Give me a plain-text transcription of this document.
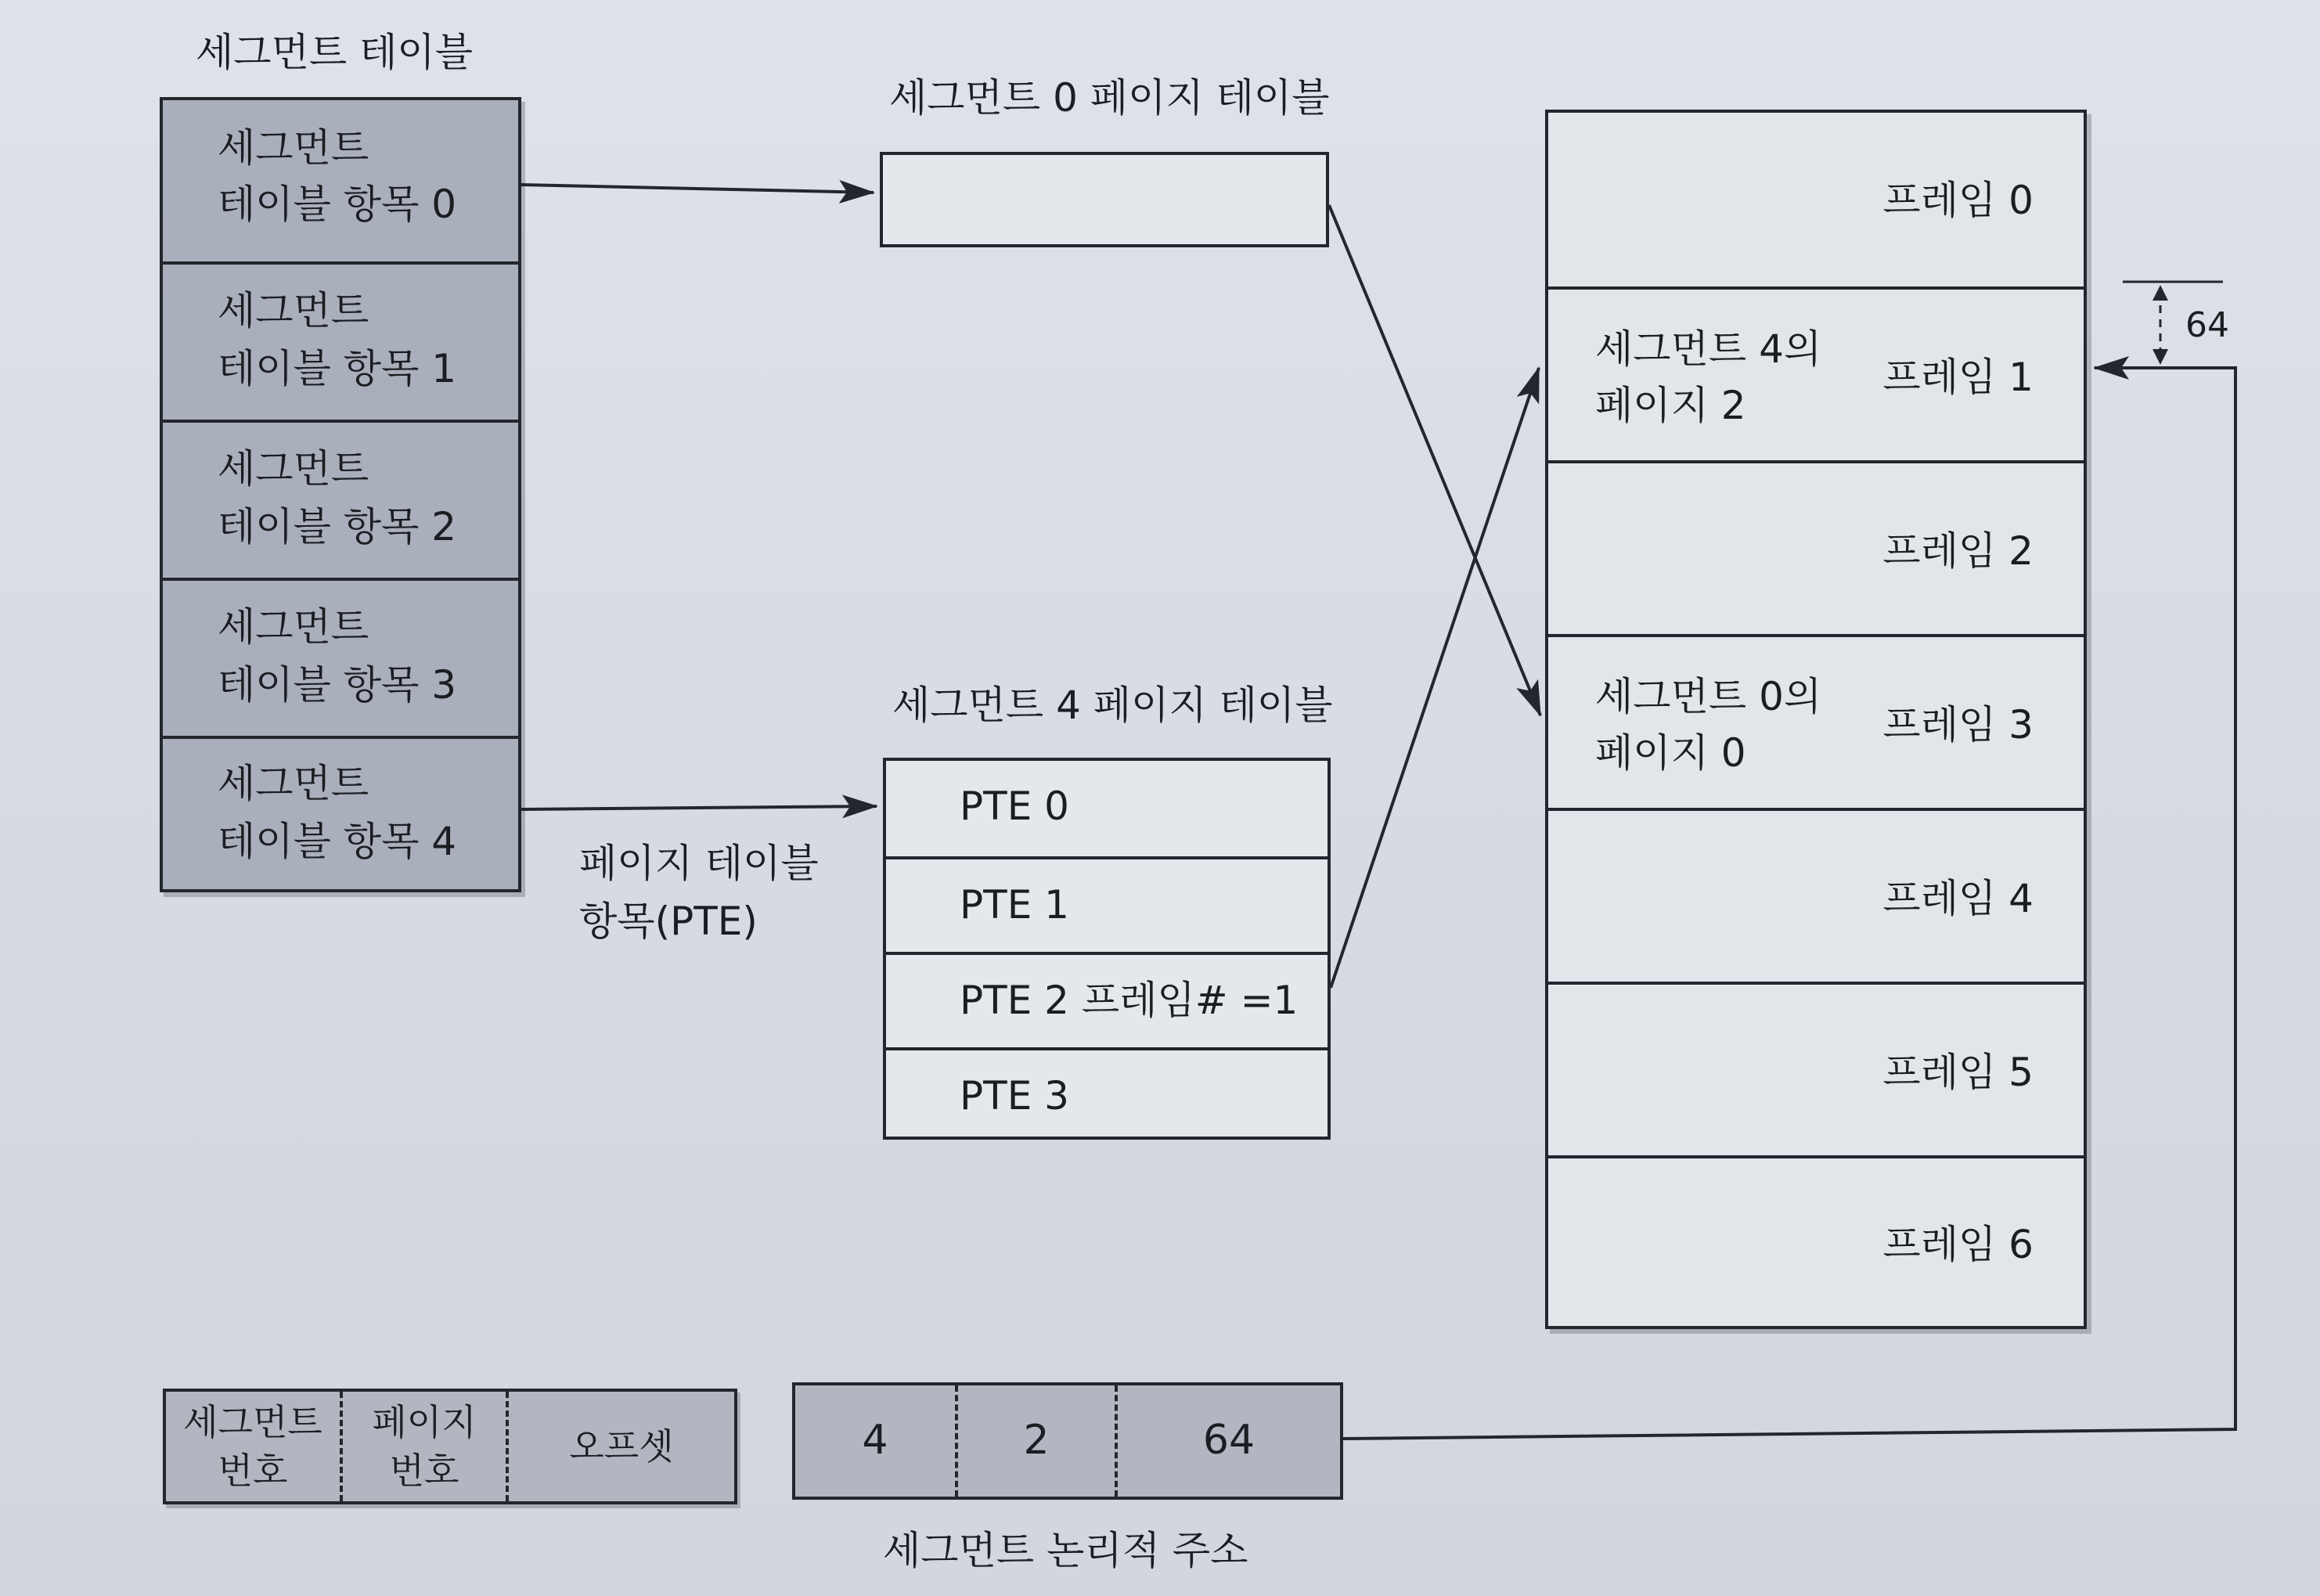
세그먼트 테이블
세그먼트
테이블 항목 0
세그먼트
테이블 항목 1
세그먼트
테이블 항목 2
세그먼트
테이블 항목 3
세그먼트
테이블 항목 4
세그먼트 0 페이지 테이블
세그먼트 4 페이지 테이블
PTE 0
PTE 1
PTE 2 프레임# =1
PTE 3
페이지 테이블
항목(PTE)
프레임 0
세그먼트 4의
페이지 2
프레임 1
프레임 2
세그먼트 0의
페이지 0
프레임 3
프레임 4
프레임 5
프레임 6
64
세그먼트
번호
페이지
번호
오프셋	4	2	64
세그먼트 논리적 주소
